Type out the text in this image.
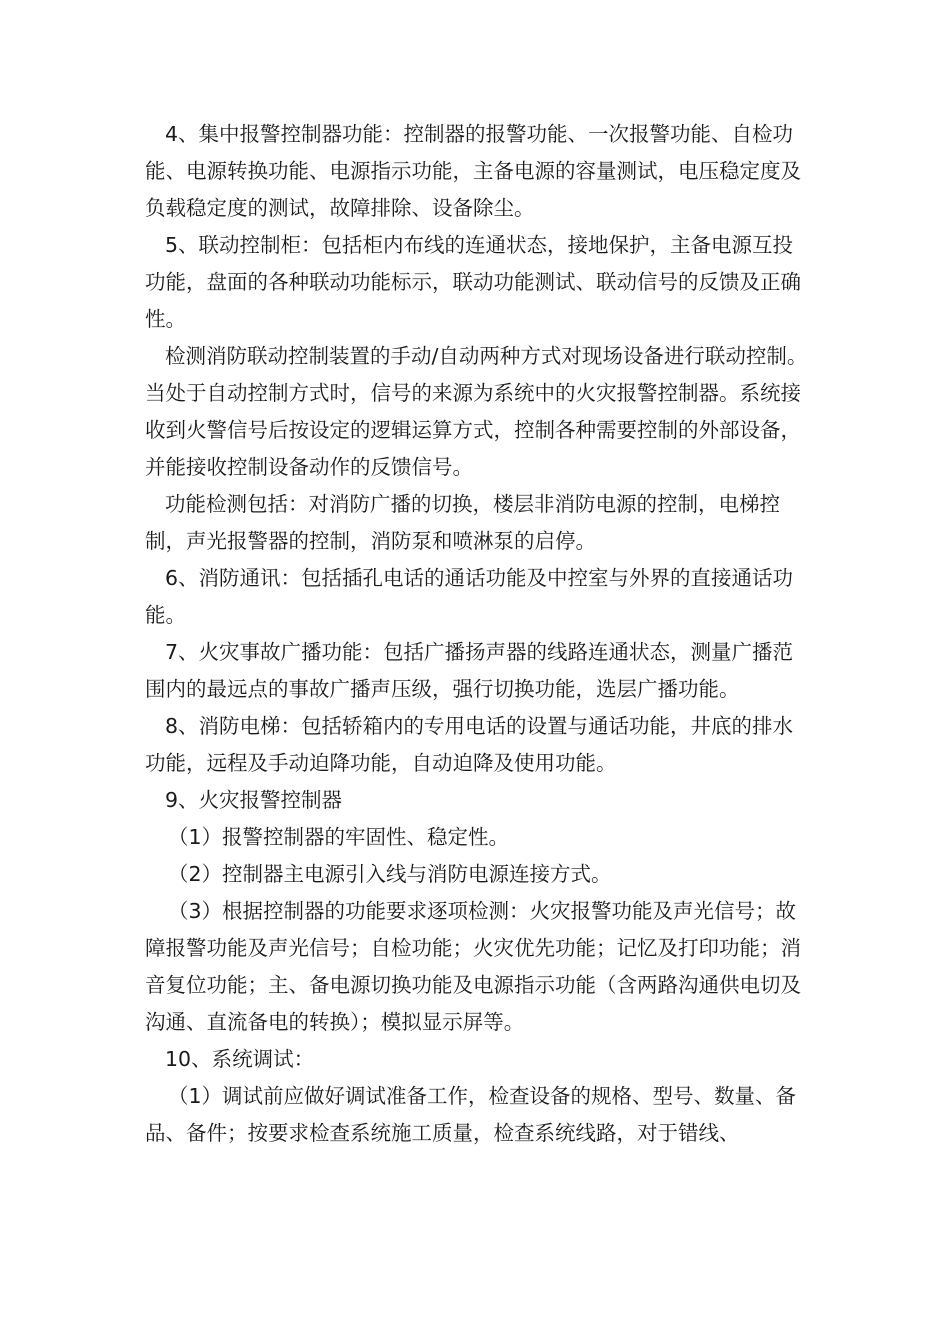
4、集中报警控制器功能：控制器的报警功能、一次报警功能、自检功能、电源转换功能、电源指示功能，主备电源的容量测试，电压稳定度及负载稳定度的测试，故障排除、设备除尘。

5、联动控制柜：包括柜内布线的连通状态，接地保护，主备电源互投功能，盘面的各种联动功能标示，联动功能测试、联动信号的反馈及正确性。

检测消防联动控制装置的手动/自动两种方式对现场设备进行联动控制。当处于自动控制方式时，信号的来源为系统中的火灾报警控制器。系统接收到火警信号后按设定的逻辑运算方式，控制各种需要控制的外部设备，并能接收控制设备动作的反馈信号。

功能检测包括：对消防广播的切换，楼层非消防电源的控制，电梯控制，声光报警器的控制，消防泵和喷淋泵的启停。

6、消防通讯：包括插孔电话的通话功能及中控室与外界的直接通话功能。

7、火灾事故广播功能：包括广播扬声器的线路连通状态，测量广播范围内的最远点的事故广播声压级，强行切换功能，选层广播功能。

8、消防电梯：包括轿箱内的专用电话的设置与通话功能，井底的排水功能，远程及手动迫降功能，自动迫降及使用功能。

9、火灾报警控制器

（1）报警控制器的牢固性、稳定性。

（2）控制器主电源引入线与消防电源连接方式。

（3）根据控制器的功能要求逐项检测：火灾报警功能及声光信号；故障报警功能及声光信号；自检功能；火灾优先功能；记忆及打印功能；消音复位功能；主、备电源切换功能及电源指示功能（含两路沟通供电切及沟通、直流备电的转换）；模拟显示屏等。

10、系统调试：

（1）调试前应做好调试准备工作，检查设备的规格、型号、数量、备品、备件；按要求检查系统施工质量，检查系统线路，对于错线、
